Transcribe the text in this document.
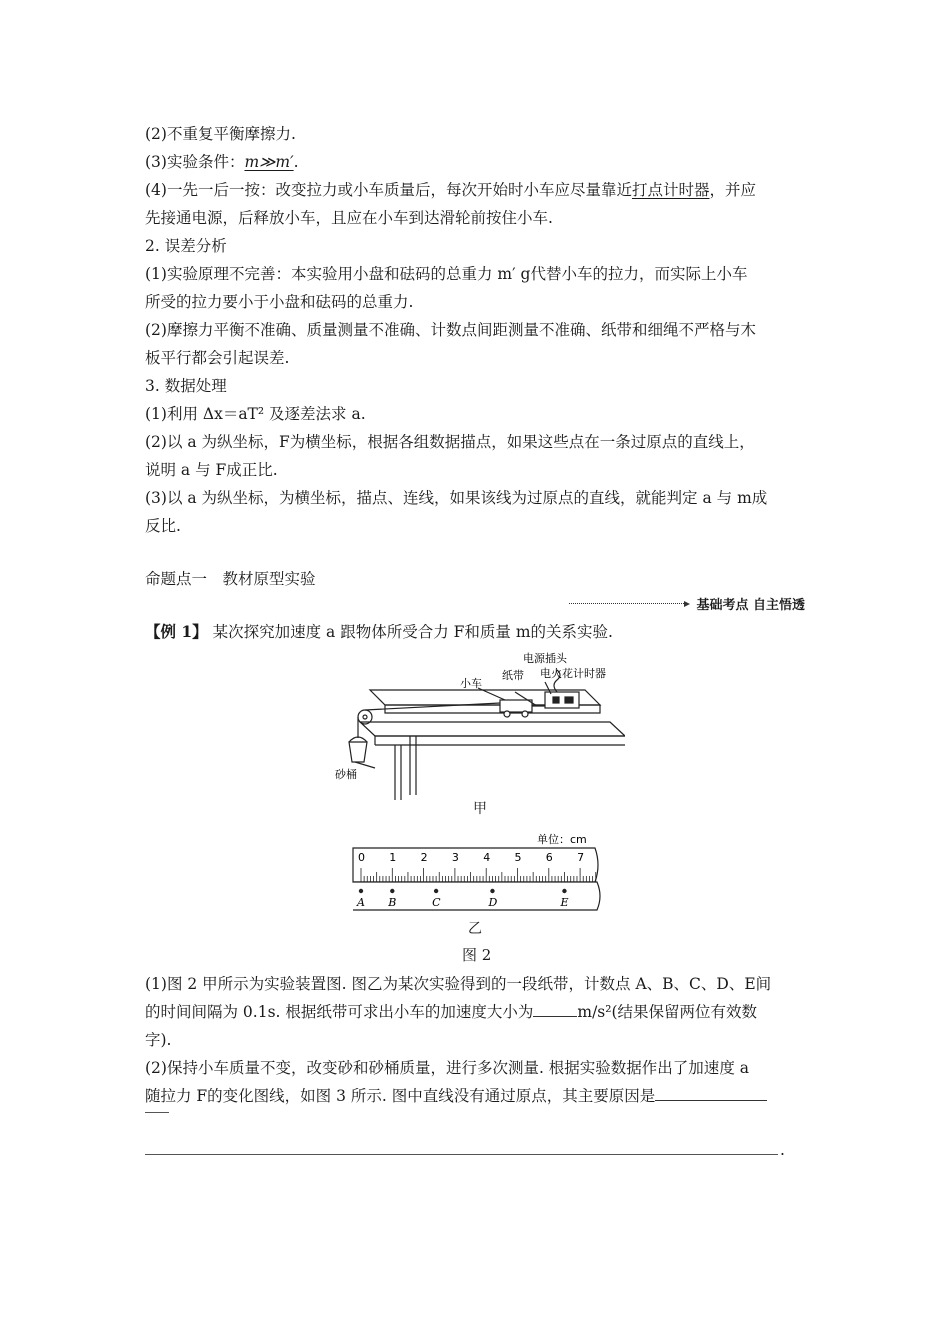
(2)不重复平衡摩擦力.
(3)实验条件：m≫m′.
(4)一先一后一按：改变拉力或小车质量后，每次开始时小车应尽量靠近打点计时器，并应
先接通电源，后释放小车，且应在小车到达滑轮前按住小车.
2. 误差分析
(1)实验原理不完善：本实验用小盘和砝码的总重力 m′ g代替小车的拉力，而实际上小车
所受的拉力要小于小盘和砝码的总重力.
(2)摩擦力平衡不准确、质量测量不准确、计数点间距测量不准确、纸带和细绳不严格与木
板平行都会引起误差.
3. 数据处理
(1)利用 Δx＝aT² 及逐差法求 a.
(2)以 a 为纵坐标，F为横坐标，根据各组数据描点，如果这些点在一条过原点的直线上，
说明 a 与 F成正比.
(3)以 a 为纵坐标，为横坐标，描点、连线，如果该线为过原点的直线，就能判定 a 与 m成
反比.
命题点一　教材原型实验
基础考点 自主悟透
【例 1】 某次探究加速度 a 跟物体所受合力 F和质量 m的关系实验.
电源插头
纸带 电火花计时器
小车
砂桶
甲
单位：cm
0 1 2 3 4 5 6 7
A B	C	D	E
乙
图 2
(1)图 2 甲所示为实验装置图. 图乙为某次实验得到的一段纸带，计数点 A、B、C、D、E间
的时间间隔为 0.1s. 根据纸带可求出小车的加速度大小为	m/s²(结果保留两位有效数
字).
(2)保持小车质量不变，改变砂和砂桶质量，进行多次测量. 根据实验数据作出了加速度 a
随拉力 F的变化图线，如图 3 所示. 图中直线没有通过原点，其主要原因是
.
